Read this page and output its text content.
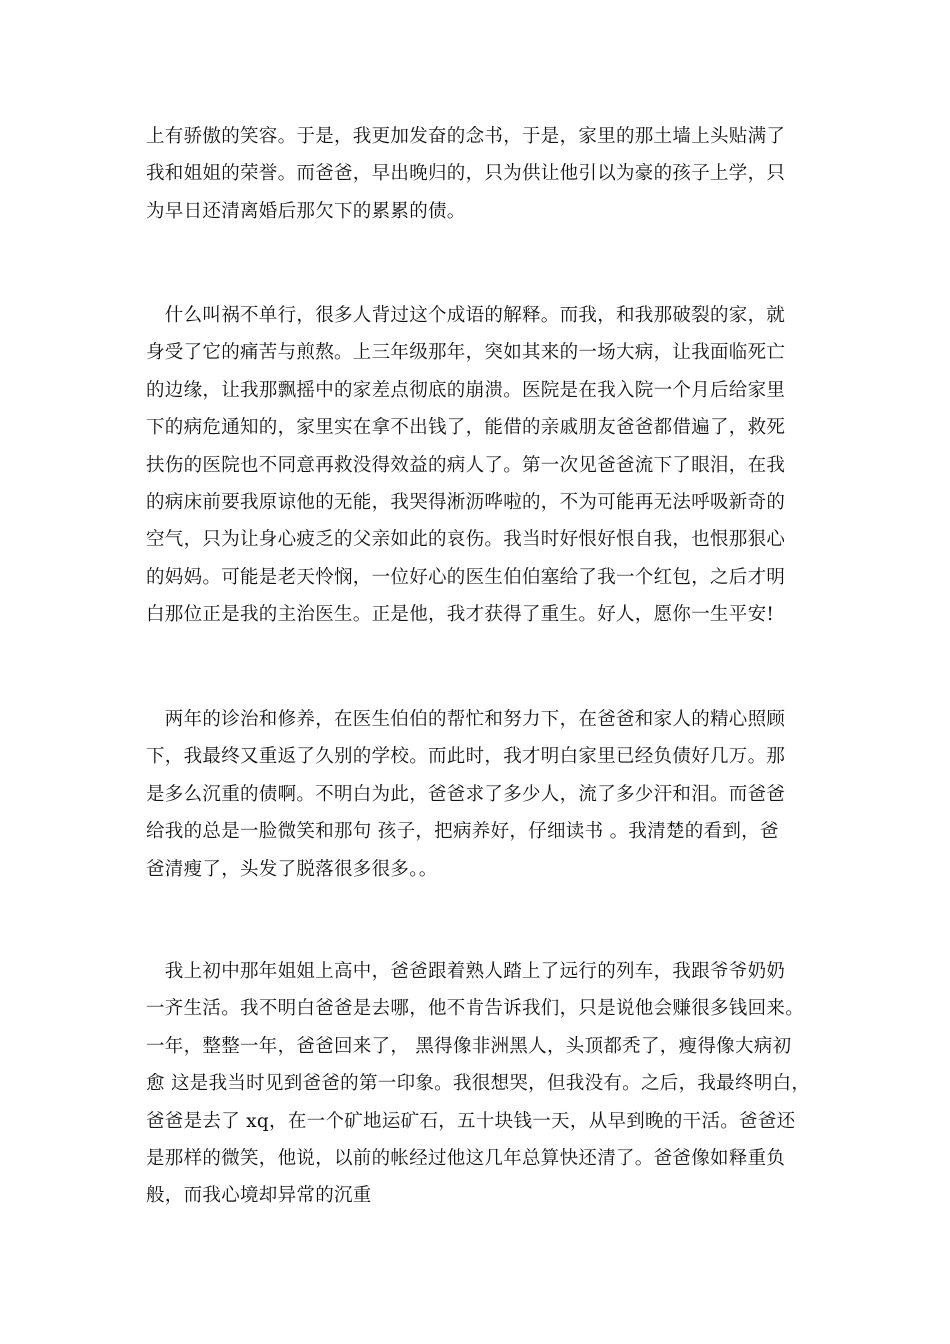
上有骄傲的笑容。于是，我更加发奋的念书，于是，家里的那土墙上头贴满了
我和姐姐的荣誉。而爸爸，早出晚归的，只为供让他引以为豪的孩子上学，只
为早日还清离婚后那欠下的累累的债。
　什么叫祸不单行，很多人背过这个成语的解释。而我，和我那破裂的家，就
身受了它的痛苦与煎熬。上三年级那年，突如其来的一场大病，让我面临死亡
的边缘，让我那飘摇中的家差点彻底的崩溃。医院是在我入院一个月后给家里
下的病危通知的，家里实在拿不出钱了，能借的亲戚朋友爸爸都借遍了，救死
扶伤的医院也不同意再救没得效益的病人了。第一次见爸爸流下了眼泪，在我
的病床前要我原谅他的无能，我哭得淅沥哗啦的，不为可能再无法呼吸新奇的
空气，只为让身心疲乏的父亲如此的哀伤。我当时好恨好恨自我，也恨那狠心
的妈妈。可能是老天怜悯，一位好心的医生伯伯塞给了我一个红包，之后才明
白那位正是我的主治医生。正是他，我才获得了重生。好人，愿你一生平安!
　两年的诊治和修养，在医生伯伯的帮忙和努力下，在爸爸和家人的精心照顾
下，我最终又重返了久别的学校。而此时，我才明白家里已经负债好几万。那
是多么沉重的债啊。不明白为此，爸爸求了多少人，流了多少汗和泪。而爸爸
给我的总是一脸微笑和那句 孩子，把病养好，仔细读书 。我清楚的看到，爸
爸清瘦了，头发了脱落很多很多。。
　我上初中那年姐姐上高中，爸爸跟着熟人踏上了远行的列车，我跟爷爷奶奶
一齐生活。我不明白爸爸是去哪，他不肯告诉我们，只是说他会赚很多钱回来。
一年，整整一年，爸爸回来了， 黑得像非洲黑人，头顶都秃了，瘦得像大病初
愈 这是我当时见到爸爸的第一印象。我很想哭，但我没有。之后，我最终明白，
爸爸是去了 xq，在一个矿地运矿石，五十块钱一天，从早到晚的干活。爸爸还
是那样的微笑，他说，以前的帐经过他这几年总算快还清了。爸爸像如释重负
般，而我心境却异常的沉重
